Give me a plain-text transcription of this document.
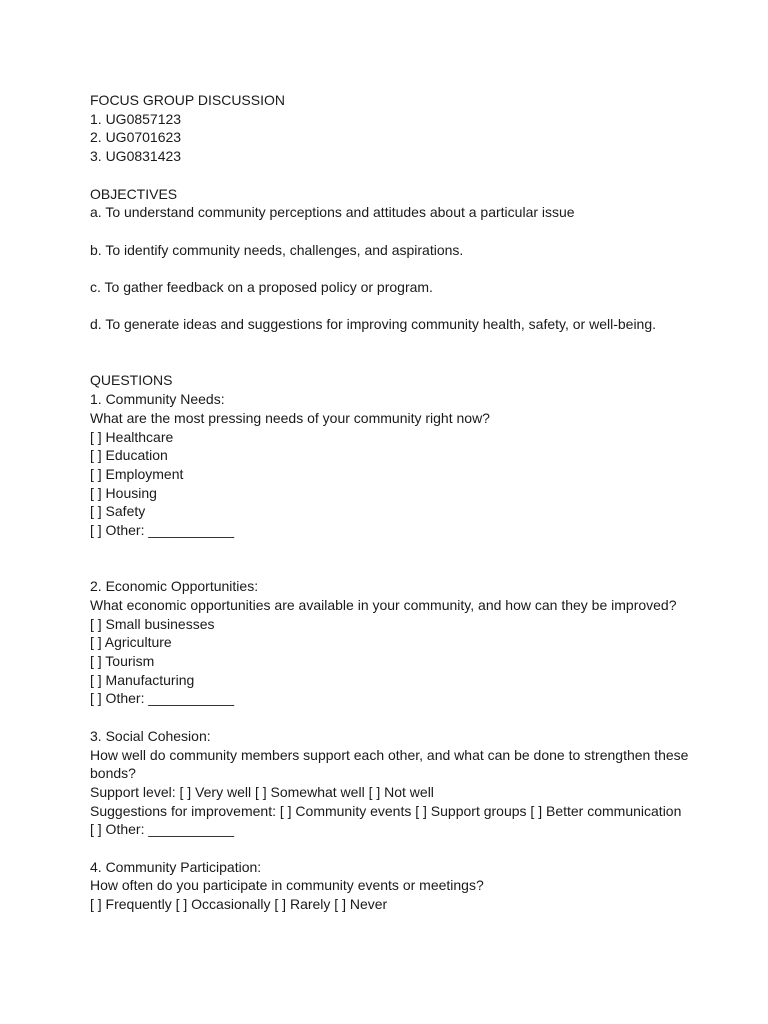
FOCUS GROUP DISCUSSION
1. UG0857123
2. UG0701623
3. UG0831423
OBJECTIVES
a. To understand community perceptions and attitudes about a particular issue
b. To identify community needs, challenges, and aspirations.
c. To gather feedback on a proposed policy or program.
d. To generate ideas and suggestions for improving community health, safety, or well-being.
QUESTIONS
1. Community Needs:
What are the most pressing needs of your community right now?
[ ] Healthcare
[ ] Education
[ ] Employment
[ ] Housing
[ ] Safety
[ ] Other: ___________
2. Economic Opportunities:
What economic opportunities are available in your community, and how can they be improved?
[ ] Small businesses
[ ] Agriculture
[ ] Tourism
[ ] Manufacturing
[ ] Other: ___________
3. Social Cohesion:
How well do community members support each other, and what can be done to strengthen these bonds?
Support level: [ ] Very well [ ] Somewhat well [ ] Not well
Suggestions for improvement: [ ] Community events [ ] Support groups [ ] Better communication
[ ] Other: ___________
4. Community Participation:
How often do you participate in community events or meetings?
[ ] Frequently [ ] Occasionally [ ] Rarely [ ] Never
